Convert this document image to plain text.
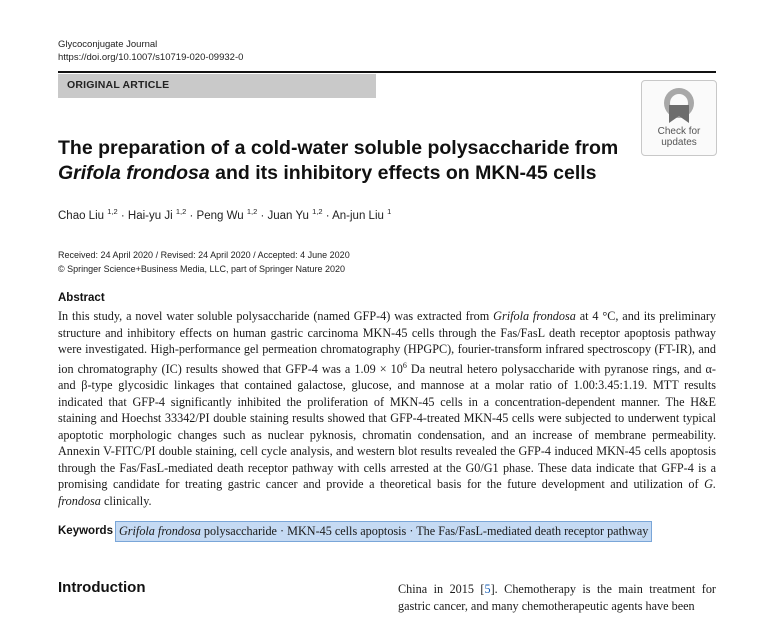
Glycoconjugate Journal
https://doi.org/10.1007/s10719-020-09932-0
ORIGINAL ARTICLE
Check for
updates
The preparation of a cold-water soluble polysaccharide from Grifola frondosa and its inhibitory effects on MKN-45 cells
Chao Liu $^{1,2}$ · Hai-yu Ji $^{1,2}$ · Peng Wu $^{1,2}$ · Juan Yu $^{1,2}$ · An-jun Liu $^1$
Received: 24 April 2020 / Revised: 24 April 2020 / Accepted: 4 June 2020
© Springer Science+Business Media, LLC, part of Springer Nature 2020
Abstract
In this study, a novel water soluble polysaccharide (named GFP-4) was extracted from Grifola frondosa at 4 °C, and its preliminary structure and inhibitory effects on human gastric carcinoma MKN-45 cells through the Fas/FasL death receptor apoptosis pathway were investigated. High-performance gel permeation chromatography (HPGPC), fourier-transform infrared spectroscopy (FT-IR), and ion chromatography (IC) results showed that GFP-4 was a $1.09 \times 10^6$ Da neutral hetero polysaccharide with pyranose rings, and α- and β-type glycosidic linkages that contained galactose, glucose, and mannose at a molar ratio of 1.00:3.45:1.19. MTT results indicated that GFP-4 significantly inhibited the proliferation of MKN-45 cells in a concentration-dependent manner. The H&E staining and Hoechst 33342/PI double staining results showed that GFP-4-treated MKN-45 cells were subjected to underwent typical apoptotic morphologic changes such as nuclear pyknosis, chromatin condensation, and an increase of membrane permeability. Annexin V-FITC/PI double staining, cell cycle analysis, and western blot results revealed the GFP-4 induced MKN-45 cells apoptosis through the Fas/FasL-mediated death receptor pathway with cells arrested at the G0/G1 phase. These data indicate that GFP-4 is a promising candidate for treating gastric cancer and provide a theoretical basis for the future development and utilization of G. frondosa clinically.
Keywords Grifola frondosa polysaccharide · MKN-45 cells apoptosis · The Fas/FasL-mediated death receptor pathway
Introduction	China in 2015 [5]. Chemotherapy is the main treatment for gastric cancer, and many chemotherapeutic agents have been
